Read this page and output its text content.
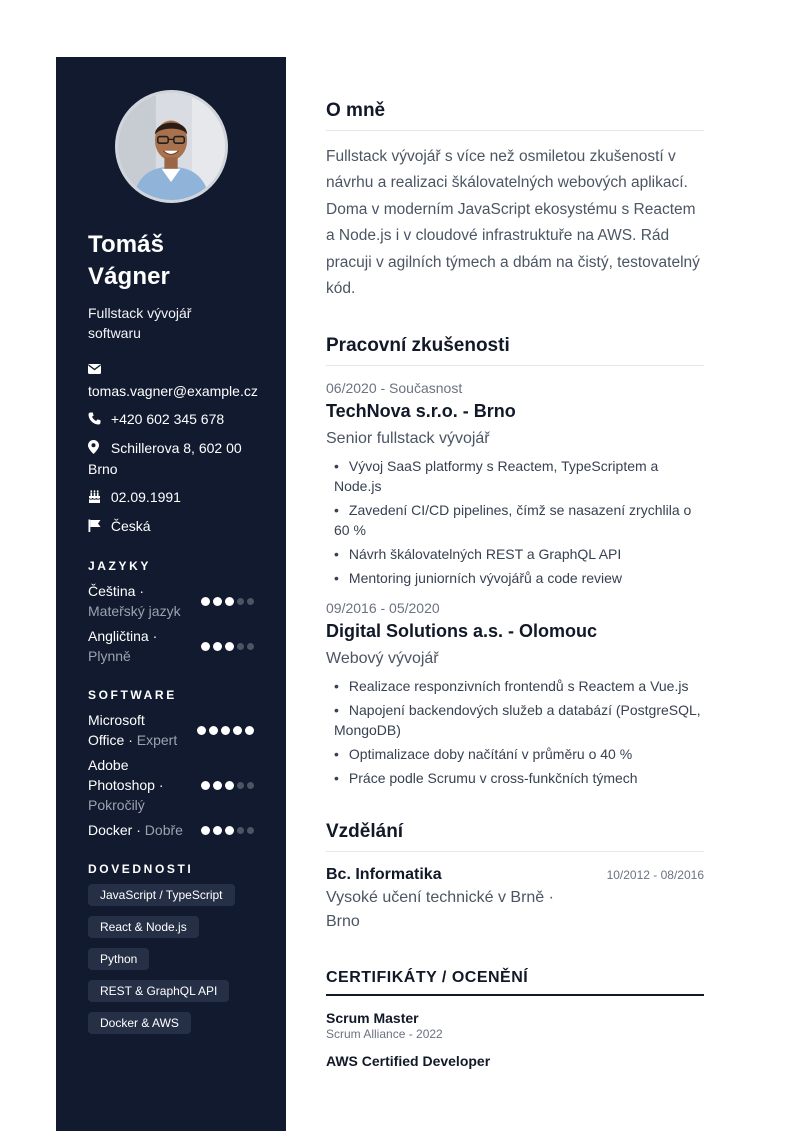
Tomáš Vágner
Fullstack vývojář softwaru
tomas.vagner@example.cz
+420 602 345 678
Schillerova 8, 602 00 Brno
02.09.1991
Česká
JAZYKY
Čeština · Mateřský jazyk
Angličtina · Plynně
SOFTWARE
Microsoft Office · Expert
Adobe Photoshop · Pokročilý
Docker · Dobře
DOVEDNOSTI
JavaScript / TypeScript
React & Node.js
Python
REST & GraphQL API
Docker & AWS
O mně

Fullstack vývojář s více než osmiletou zkušeností v návrhu a realizaci škálovatelných webových aplikací. Doma v moderním JavaScript ekosystému s Reactem a Node.js i v cloudové infrastruktuře na AWS. Rád pracuji v agilních týmech a dbám na čistý, testovatelný kód.

Pracovní zkušenosti
06/2020 - Současnost
TechNova s.r.o. - Brno
Senior fullstack vývojář
• Vývoj SaaS platformy s Reactem, TypeScriptem a Node.js
• Zavedení CI/CD pipelines, čímž se nasazení zrychlila o 60 %
• Návrh škálovatelných REST a GraphQL API
• Mentoring juniorních vývojářů a code review
09/2016 - 05/2020
Digital Solutions a.s. - Olomouc
Webový vývojář
• Realizace responzivních frontendů s Reactem a Vue.js
• Napojení backendových služeb a databází (PostgreSQL, MongoDB)
• Optimalizace doby načítání v průměru o 40 %
• Práce podle Scrumu v cross-funkčních týmech
Vzdělání
Bc. Informatika
Vysoké učení technické v Brně · Brno
10/2012 - 08/2016
CERTIFIKÁTY / OCENĚNÍ
Scrum Master
Scrum Alliance - 2022
AWS Certified Developer
